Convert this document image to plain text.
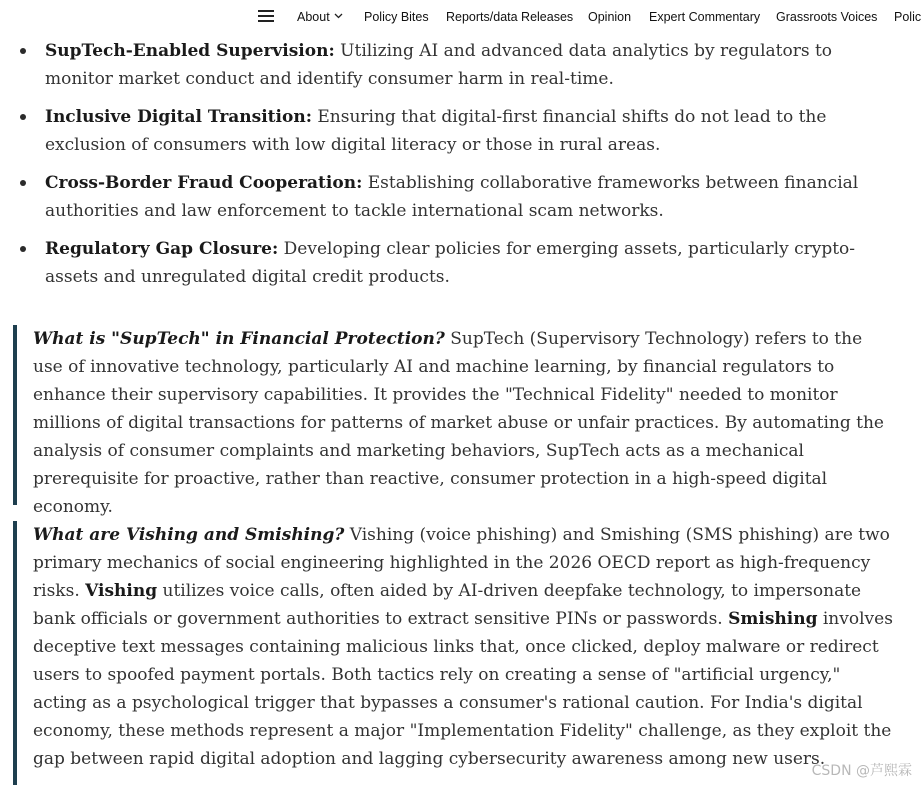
About	Policy Bites Reports/data Releases Opinion Expert Commentary Grassroots Voices Polic
SupTech-Enabled Supervision: Utilizing AI and advanced data analytics by regulators to monitor market conduct and identify consumer harm in real-time.
Inclusive Digital Transition: Ensuring that digital-first financial shifts do not lead to the exclusion of consumers with low digital literacy or those in rural areas.
Cross-Border Fraud Cooperation: Establishing collaborative frameworks between financial authorities and law enforcement to tackle international scam networks.
Regulatory Gap Closure: Developing clear policies for emerging assets, particularly crypto-assets and unregulated digital credit products.
What is "SupTech" in Financial Protection? SupTech (Supervisory Technology) refers to the use of innovative technology, particularly AI and machine learning, by financial regulators to enhance their supervisory capabilities. It provides the "Technical Fidelity" needed to monitor millions of digital transactions for patterns of market abuse or unfair practices. By automating the analysis of consumer complaints and marketing behaviors, SupTech acts as a mechanical prerequisite for proactive, rather than reactive, consumer protection in a high-speed digital economy.
What are Vishing and Smishing? Vishing (voice phishing) and Smishing (SMS phishing) are two primary mechanics of social engineering highlighted in the 2026 OECD report as high-frequency risks. Vishing utilizes voice calls, often aided by AI-driven deepfake technology, to impersonate bank officials or government authorities to extract sensitive PINs or passwords. Smishing involves deceptive text messages containing malicious links that, once clicked, deploy malware or redirect users to spoofed payment portals. Both tactics rely on creating a sense of "artificial urgency," acting as a psychological trigger that bypasses a consumer's rational caution. For India's digital economy, these methods represent a major "Implementation Fidelity" challenge, as they exploit the gap between rapid digital adoption and lagging cybersecurity awareness among new users.
CSDN @芦熙霖
